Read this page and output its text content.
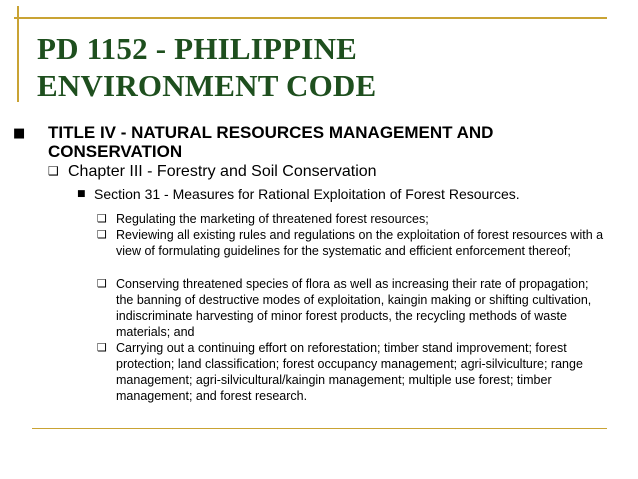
PD 1152 - PHILIPPINE
ENVIRONMENT CODE
■ TITLE IV - NATURAL RESOURCES MANAGEMENT AND CONSERVATION
❑ Chapter III - Forestry and Soil Conservation
■ Section 31 - Measures for Rational Exploitation of Forest Resources.
❑ Regulating the marketing of threatened forest resources;
❑ Reviewing all existing rules and regulations on the exploitation of forest resources with a view of formulating guidelines for the systematic and efficient enforcement thereof;
❑ Conserving threatened species of flora as well as increasing their rate of propagation; the banning of destructive modes of exploitation, kaingin making or shifting cultivation, indiscriminate harvesting of minor forest products, the recycling methods of waste materials; and
❑ Carrying out a continuing effort on reforestation; timber stand improvement; forest protection; land classification; forest occupancy management; agri-silviculture; range management; agri-silvicultural/kaingin management; multiple use forest; timber management; and forest research.
